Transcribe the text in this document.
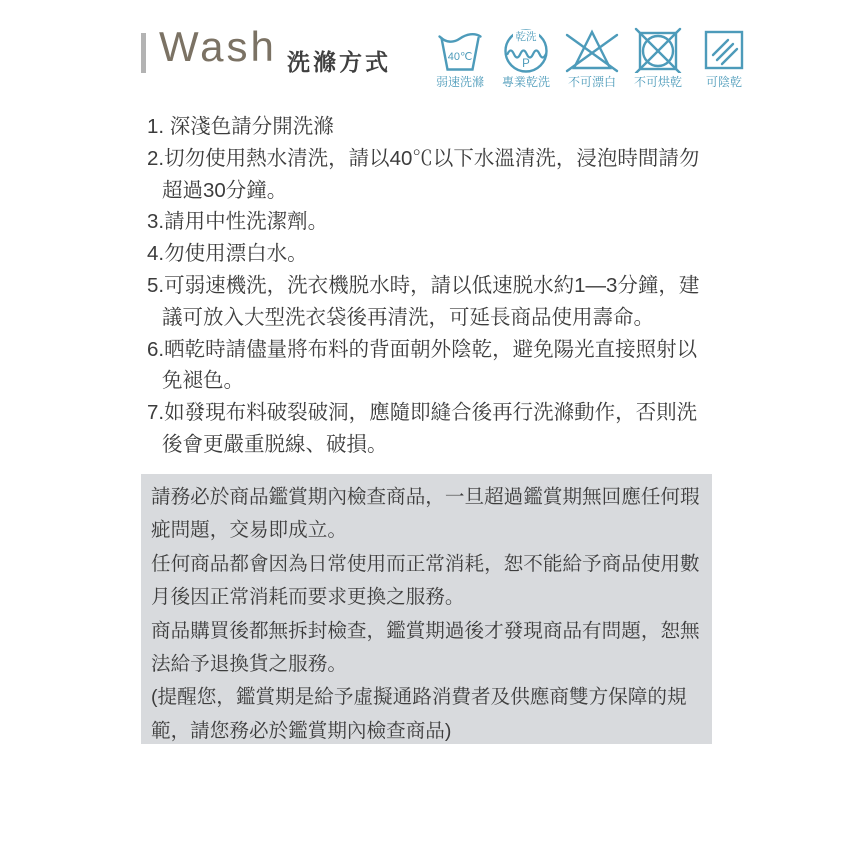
Wash 洗滌方式	40℃
弱速洗滌
乾洗
P
專業乾洗 不可漂白 不可烘乾 可陰乾
1. 深淺色請分開洗滌
2.切勿使用熱水清洗，請以40℃以下水溫清洗，浸泡時間請勿超過30分鐘。
3.請用中性洗潔劑。
4.勿使用漂白水。
5.可弱速機洗，洗衣機脱水時，請以低速脱水約1—3分鐘，建議可放入大型洗衣袋後再清洗，可延長商品使用壽命。
6.晒乾時請儘量將布料的背面朝外陰乾，避免陽光直接照射以免褪色。
7.如發現布料破裂破洞，應隨即縫合後再行洗滌動作，否則洗後會更嚴重脱線、破損。

請務必於商品鑑賞期內檢查商品，一旦超過鑑賞期無回應任何瑕疵問題，交易即成立。

任何商品都會因為日常使用而正常消耗，恕不能給予商品使用數月後因正常消耗而要求更換之服務。

商品購買後都無拆封檢查，鑑賞期過後才發現商品有問題，恕無法給予退換貨之服務。

(提醒您，鑑賞期是給予虛擬通路消費者及供應商雙方保障的規範，請您務必於鑑賞期內檢查商品)
